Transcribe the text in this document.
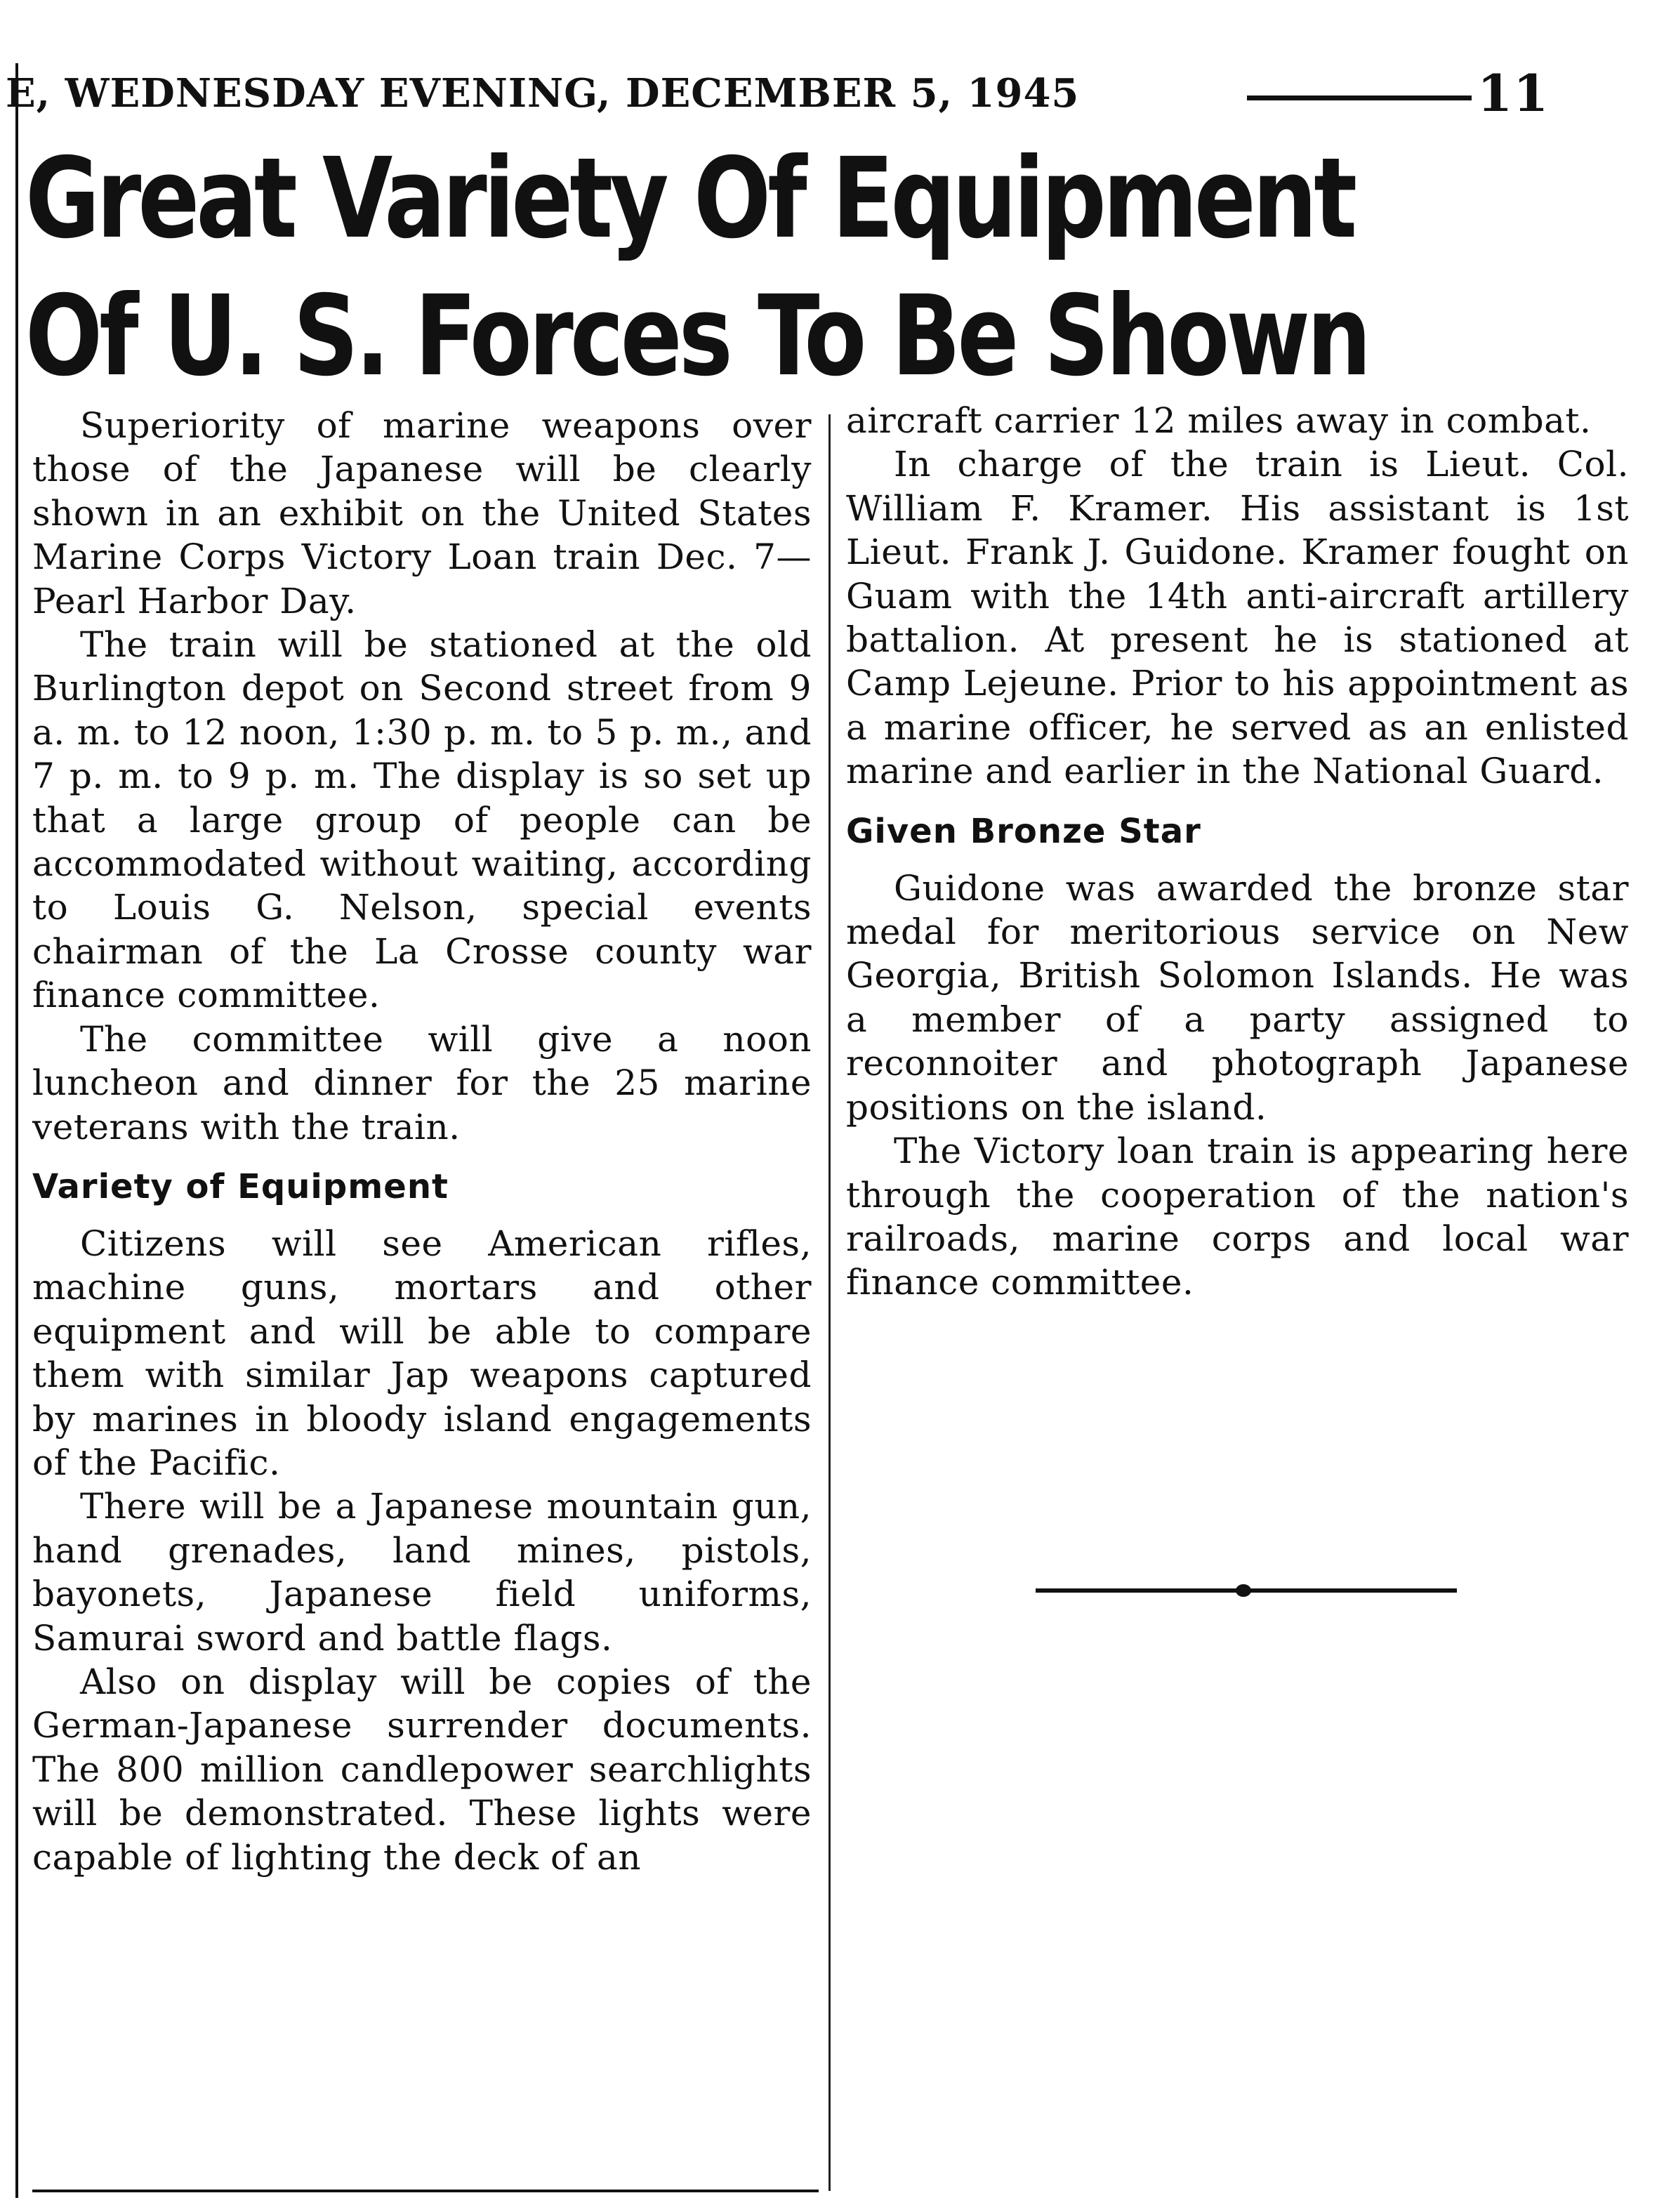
E, WEDNESDAY EVENING, DECEMBER 5, 1945	11
Great Variety Of Equipment
Of U. S. Forces To Be Shown

Superiority of marine weapons over those of the Japanese will be clearly shown in an exhibit on the United States Marine Corps Victory Loan train Dec. 7—Pearl Harbor Day.

The train will be stationed at the old Burlington depot on Second street from 9 a. m. to 12 noon, 1:30 p. m. to 5 p. m., and 7 p. m. to 9 p. m. The display is so set up that a large group of people can be accommodated without waiting, according to Louis G. Nelson, special events chairman of the La Crosse county war finance committee.

The committee will give a noon luncheon and dinner for the 25 marine veterans with the train.

Variety of Equipment

Citizens will see American rifles, machine guns, mortars and other equipment and will be able to compare them with similar Jap weapons captured by marines in bloody island engagements of the Pacific.

There will be a Japanese mountain gun, hand grenades, land mines, pistols, bayonets, Japanese field uniforms, Samurai sword and battle flags.

Also on display will be copies of the German-Japanese surrender documents. The 800 million candlepower searchlights will be demonstrated. These lights were capable of lighting the deck of an

aircraft carrier 12 miles away in combat.

In charge of the train is Lieut. Col. William F. Kramer. His assistant is 1st Lieut. Frank J. Guidone. Kramer fought on Guam with the 14th anti-aircraft artillery battalion. At present he is stationed at Camp Lejeune. Prior to his appointment as a marine officer, he served as an enlisted marine and earlier in the National Guard.

Given Bronze Star

Guidone was awarded the bronze star medal for meritorious service on New Georgia, British Solomon Islands. He was a member of a party assigned to reconnoiter and photograph Japanese positions on the island.

The Victory loan train is appearing here through the cooperation of the nation's railroads, marine corps and local war finance committee.
